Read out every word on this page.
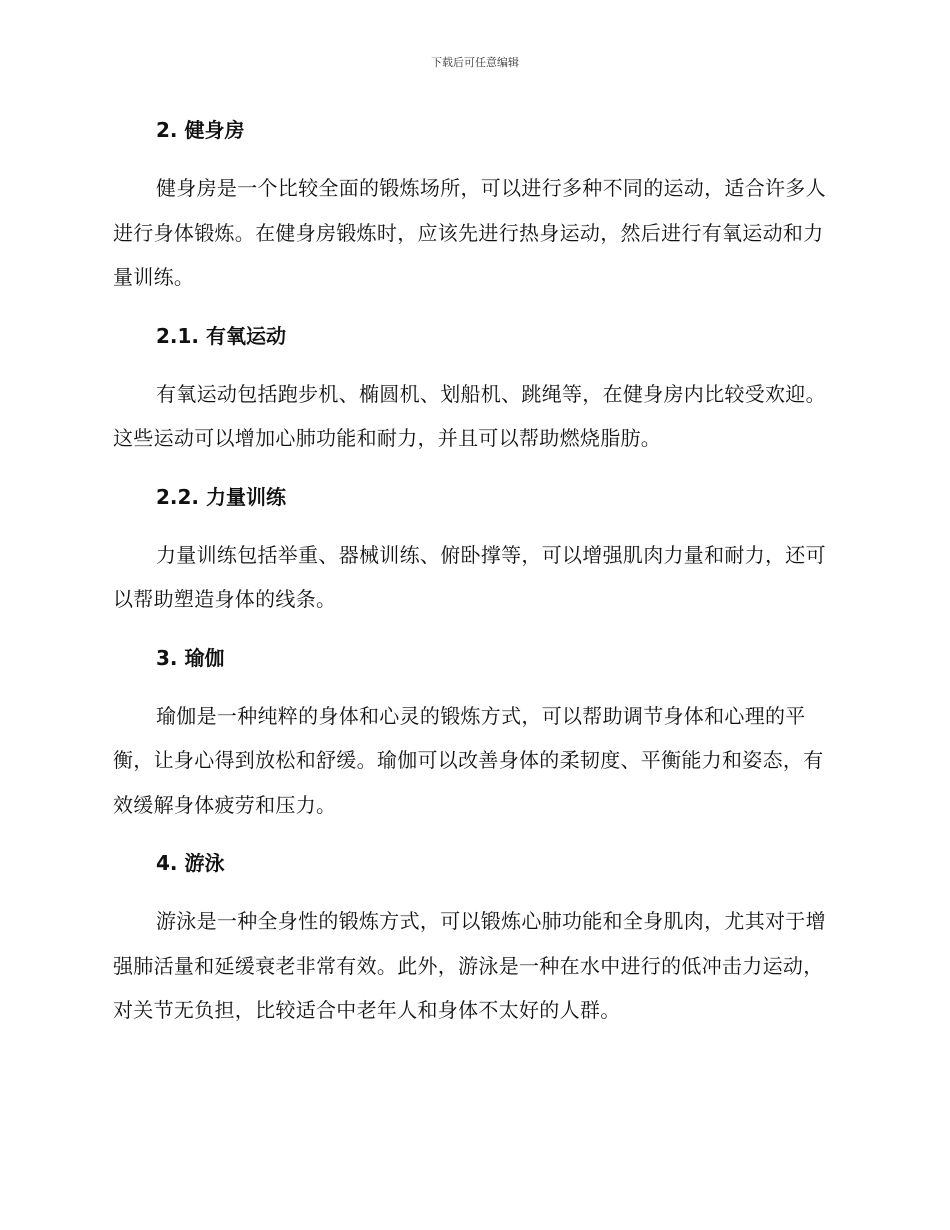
下载后可任意编辑
2. 健身房

健身房是一个比较全面的锻炼场所，可以进行多种不同的运动，适合许多人进行身体锻炼。在健身房锻炼时，应该先进行热身运动，然后进行有氧运动和力量训练。

2.1. 有氧运动

有氧运动包括跑步机、椭圆机、划船机、跳绳等，在健身房内比较受欢迎。这些运动可以增加心肺功能和耐力，并且可以帮助燃烧脂肪。

2.2. 力量训练

力量训练包括举重、器械训练、俯卧撑等，可以增强肌肉力量和耐力，还可以帮助塑造身体的线条。

3. 瑜伽

瑜伽是一种纯粹的身体和心灵的锻炼方式，可以帮助调节身体和心理的平衡，让身心得到放松和舒缓。瑜伽可以改善身体的柔韧度、平衡能力和姿态，有效缓解身体疲劳和压力。

4. 游泳

游泳是一种全身性的锻炼方式，可以锻炼心肺功能和全身肌肉，尤其对于增强肺活量和延缓衰老非常有效。此外，游泳是一种在水中进行的低冲击力运动，对关节无负担，比较适合中老年人和身体不太好的人群。
